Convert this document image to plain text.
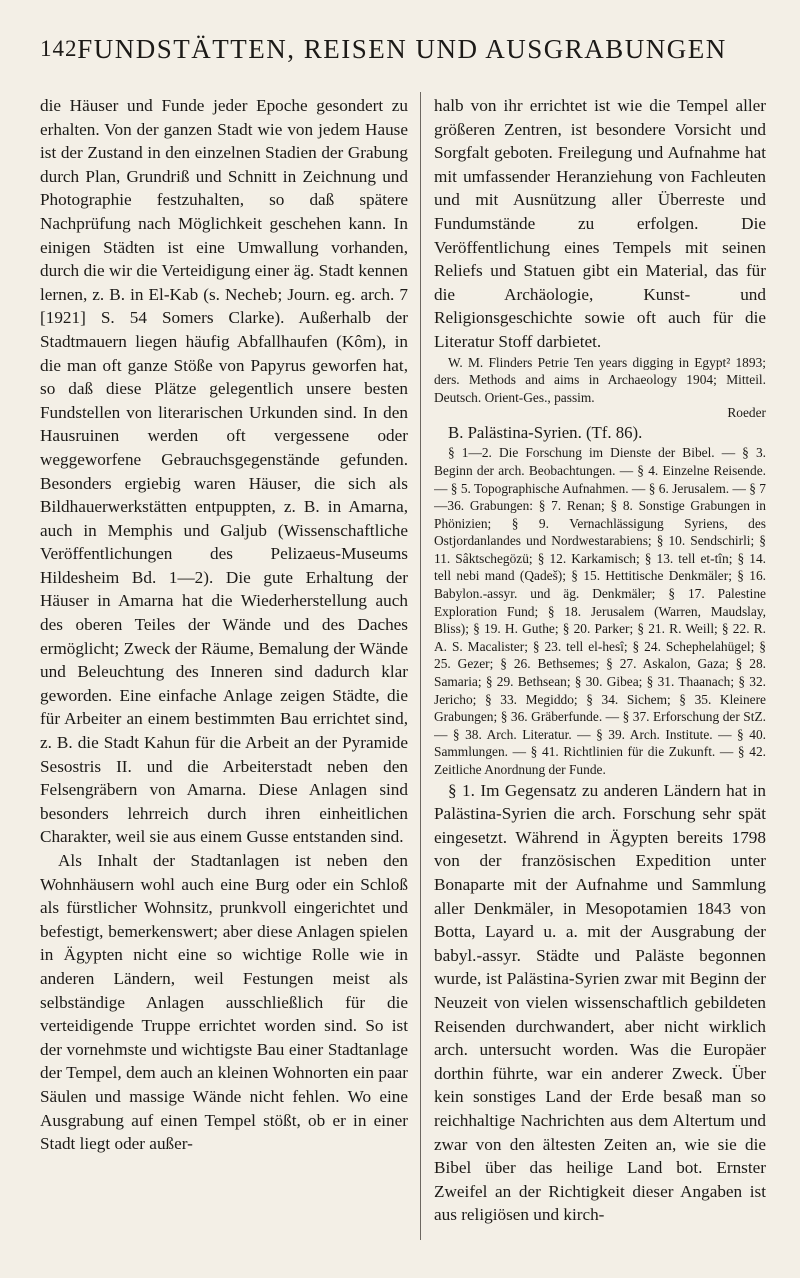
142 FUNDSTÄTTEN, REISEN UND AUSGRABUNGEN

die Häuser und Funde jeder Epoche gesondert zu erhalten. Von der ganzen Stadt wie von jedem Hause ist der Zustand in den einzelnen Stadien der Grabung durch Plan, Grundriß und Schnitt in Zeichnung und Photographie festzuhalten, so daß spätere Nachprüfung nach Möglichkeit geschehen kann. In einigen Städten ist eine Umwallung vorhanden, durch die wir die Verteidigung einer äg. Stadt kennen lernen, z. B. in El-Kab (s. Necheb; Journ. eg. arch. 7 [1921] S. 54 Somers Clarke). Außerhalb der Stadtmauern liegen häufig Abfallhaufen (Kôm), in die man oft ganze Stöße von Papyrus geworfen hat, so daß diese Plätze gelegentlich unsere besten Fundstellen von literarischen Urkunden sind. In den Hausruinen werden oft vergessene oder weggeworfene Gebrauchsgegenstände gefunden. Besonders ergiebig waren Häuser, die sich als Bildhauerwerkstätten entpuppten, z. B. in Amarna, auch in Memphis und Galjub (Wissenschaftliche Veröffentlichungen des Pelizaeus-Museums Hildesheim Bd. 1—2). Die gute Erhaltung der Häuser in Amarna hat die Wiederherstellung auch des oberen Teiles der Wände und des Daches ermöglicht; Zweck der Räume, Bemalung der Wände und Beleuchtung des Inneren sind dadurch klar geworden. Eine einfache Anlage zeigen Städte, die für Arbeiter an einem bestimmten Bau errichtet sind, z. B. die Stadt Kahun für die Arbeit an der Pyramide Sesostris II. und die Arbeiterstadt neben den Felsengräbern von Amarna. Diese Anlagen sind besonders lehrreich durch ihren einheitlichen Charakter, weil sie aus einem Gusse entstanden sind.

Als Inhalt der Stadtanlagen ist neben den Wohnhäusern wohl auch eine Burg oder ein Schloß als fürstlicher Wohnsitz, prunkvoll eingerichtet und befestigt, bemerkenswert; aber diese Anlagen spielen in Ägypten nicht eine so wichtige Rolle wie in anderen Ländern, weil Festungen meist als selbständige Anlagen ausschließlich für die verteidigende Truppe errichtet worden sind. So ist der vornehmste und wichtigste Bau einer Stadtanlage der Tempel, dem auch an kleinen Wohnorten ein paar Säulen und massige Wände nicht fehlen. Wo eine Ausgrabung auf einen Tempel stößt, ob er in einer Stadt liegt oder außer-

halb von ihr errichtet ist wie die Tempel aller größeren Zentren, ist besondere Vorsicht und Sorgfalt geboten. Freilegung und Aufnahme hat mit umfassender Heranziehung von Fachleuten und mit Ausnützung aller Überreste und Fundumstände zu erfolgen. Die Veröffentlichung eines Tempels mit seinen Reliefs und Statuen gibt ein Material, das für die Archäologie, Kunst- und Religionsgeschichte sowie oft auch für die Literatur Stoff darbietet.

W. M. Flinders Petrie Ten years digging in Egypt² 1893; ders. Methods and aims in Archaeology 1904; Mitteil. Deutsch. Orient-Ges., passim.

Roeder

B. Palästina-Syrien. (Tf. 86).

§ 1—2. Die Forschung im Dienste der Bibel. — § 3. Beginn der arch. Beobachtungen. — § 4. Einzelne Reisende. — § 5. Topographische Aufnahmen. — § 6. Jerusalem. — § 7—36. Grabungen: § 7. Renan; § 8. Sonstige Grabungen in Phönizien; § 9. Vernachlässigung Syriens, des Ostjordanlandes und Nordwestarabiens; § 10. Sendschirli; § 11. Sâktschegözü; § 12. Karkamisch; § 13. tell et-tîn; § 14. tell nebi mand (Qadeš); § 15. Hettitische Denkmäler; § 16. Babylon.-assyr. und äg. Denkmäler; § 17. Palestine Exploration Fund; § 18. Jerusalem (Warren, Maudslay, Bliss); § 19. H. Guthe; § 20. Parker; § 21. R. Weill; § 22. R. A. S. Macalister; § 23. tell el-hesî; § 24. Schephelahügel; § 25. Gezer; § 26. Bethsemes; § 27. Askalon, Gaza; § 28. Samaria; § 29. Bethsean; § 30. Gibea; § 31. Thaanach; § 32. Jericho; § 33. Megiddo; § 34. Sichem; § 35. Kleinere Grabungen; § 36. Gräberfunde. — § 37. Erforschung der StZ. — § 38. Arch. Literatur. — § 39. Arch. Institute. — § 40. Sammlungen. — § 41. Richtlinien für die Zukunft. — § 42. Zeitliche Anordnung der Funde.

§ 1. Im Gegensatz zu anderen Ländern hat in Palästina-Syrien die arch. Forschung sehr spät eingesetzt. Während in Ägypten bereits 1798 von der französischen Expedition unter Bonaparte mit der Aufnahme und Sammlung aller Denkmäler, in Mesopotamien 1843 von Botta, Layard u. a. mit der Ausgrabung der babyl.-assyr. Städte und Paläste begonnen wurde, ist Palästina-Syrien zwar mit Beginn der Neuzeit von vielen wissenschaftlich gebildeten Reisenden durchwandert, aber nicht wirklich arch. untersucht worden. Was die Europäer dorthin führte, war ein anderer Zweck. Über kein sonstiges Land der Erde besaß man so reichhaltige Nachrichten aus dem Altertum und zwar von den ältesten Zeiten an, wie sie die Bibel über das heilige Land bot. Ernster Zweifel an der Richtigkeit dieser Angaben ist aus religiösen und kirch-
